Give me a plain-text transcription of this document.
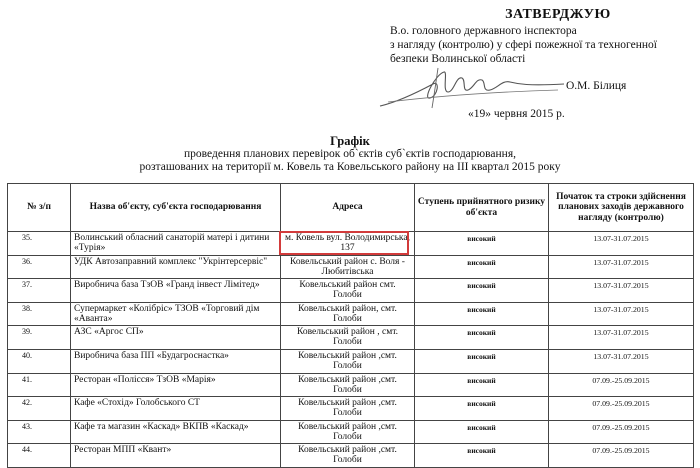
ЗАТВЕРДЖУЮ
В.о. головного державного інспектора
з нагляду (контролю) у сфері пожежної та техногенної
безпеки Волинської області
О.М. Білиця
«19» червня 2015 р.
Графік
проведення планових перевірок об`єктів суб`єктів господарювання,
розташованих на території м. Ковель та Ковельського району на III квартал 2015 року
№ з/п	Назва об'єкту, суб'єкта господарювання	Адреса	Ступень прийнятного ризику об'єкта	Початок та строки здійснення планових заходів державного нагляду (контролю)
35.	Волинський обласний санаторій матері і дитини «Турія»	м. Ковель вул. Володимирська, 137	високий	13.07-31.07.2015
36.	УДК Автозаправний комплекс "Укрінтерсервіс"	Ковельський район с. Воля - Любитівська	високий	13.07-31.07.2015
37.	Виробнича база ТзОВ «Гранд інвест Лімітед»	Ковельський район смт. Голоби	високий	13.07-31.07.2015
38.	Супермаркет «Колібріс» ТЗОВ «Торговий дім «Аванта»	Ковельський район, смт. Голоби	високий	13.07-31.07.2015
39.	АЗС «Аргос СП»	Ковельський район , смт. Голоби	високий	13.07-31.07.2015
40.	Виробнича база ПП «Будагроснастка»	Ковельський район ,смт. Голоби	високий	13.07-31.07.2015
41.	Ресторан «Полісся» ТзОВ «Марія»	Ковельський район ,смт. Голоби	високий	07.09.-25.09.2015
42.	Кафе «Стохід» Голобського СТ	Ковельський район ,смт. Голоби	високий	07.09.-25.09.2015
43.	Кафе та магазин «Каскад» ВКПВ «Каскад»	Ковельський район ,смт. Голоби	високий	07.09.-25.09.2015
44.	Ресторан МПП «Квант»	Ковельський район ,смт. Голоби	високий	07.09.-25.09.2015
